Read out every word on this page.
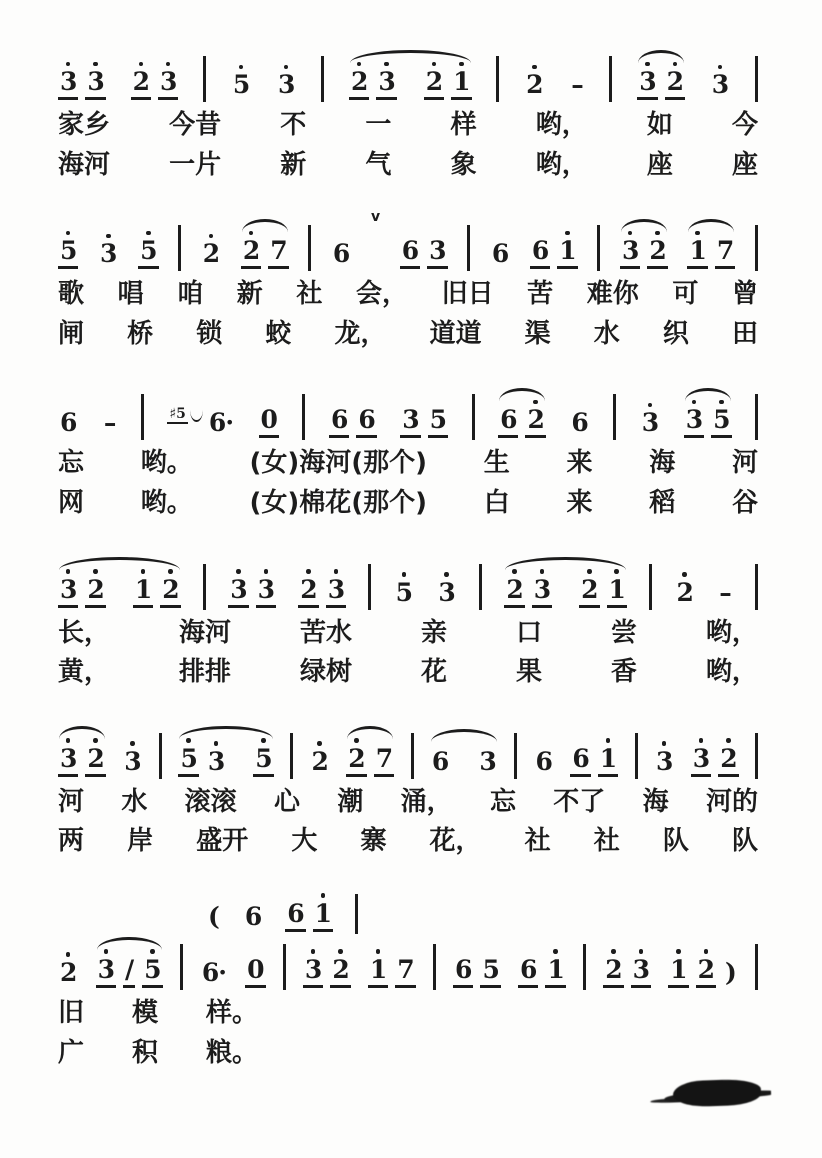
3 3 2 3 5 3 2 3 2 1 2 – 3 2 3
家乡 今昔 不 一 样 哟， 如 今
海河 一片 新 气 象 哟， 座 座
5 3 5 2 2 7 6
v
6 3 6 6 1 3 2 1 7
歌 唱 咱 新 社 会， 旧日 苦 难你 可 曾
闸 桥 锁 蛟 龙， 道道 渠 水 织 田
6 –	♯5 6· 0 6 6 3 5 6 2 6 3 3 5
忘 哟。 (女)海河(那个) 生 来 海 河
网 哟。 (女)棉花(那个) 白 来 稻 谷
3 2 1 2 3 3 2 3 5 3 2 3 2 1 2 –
长，	海河	苦水	亲	口	尝	哟，
黄，	排排	绿树	花	果	香	哟，
3 2 3 5 3 5 2 2 7 6 3 6 6 1 3 3 2
河 水 滚滚 心 潮 涌， 忘 不了 海 河的
两 岸 盛开 大 寨 花， 社 社 队 队
( 6 6 1
2 3 / 5 6· 0 3 2 1 7 6 5 6 1 2 3 1 2 )
旧 模 样。
广 积 粮。
